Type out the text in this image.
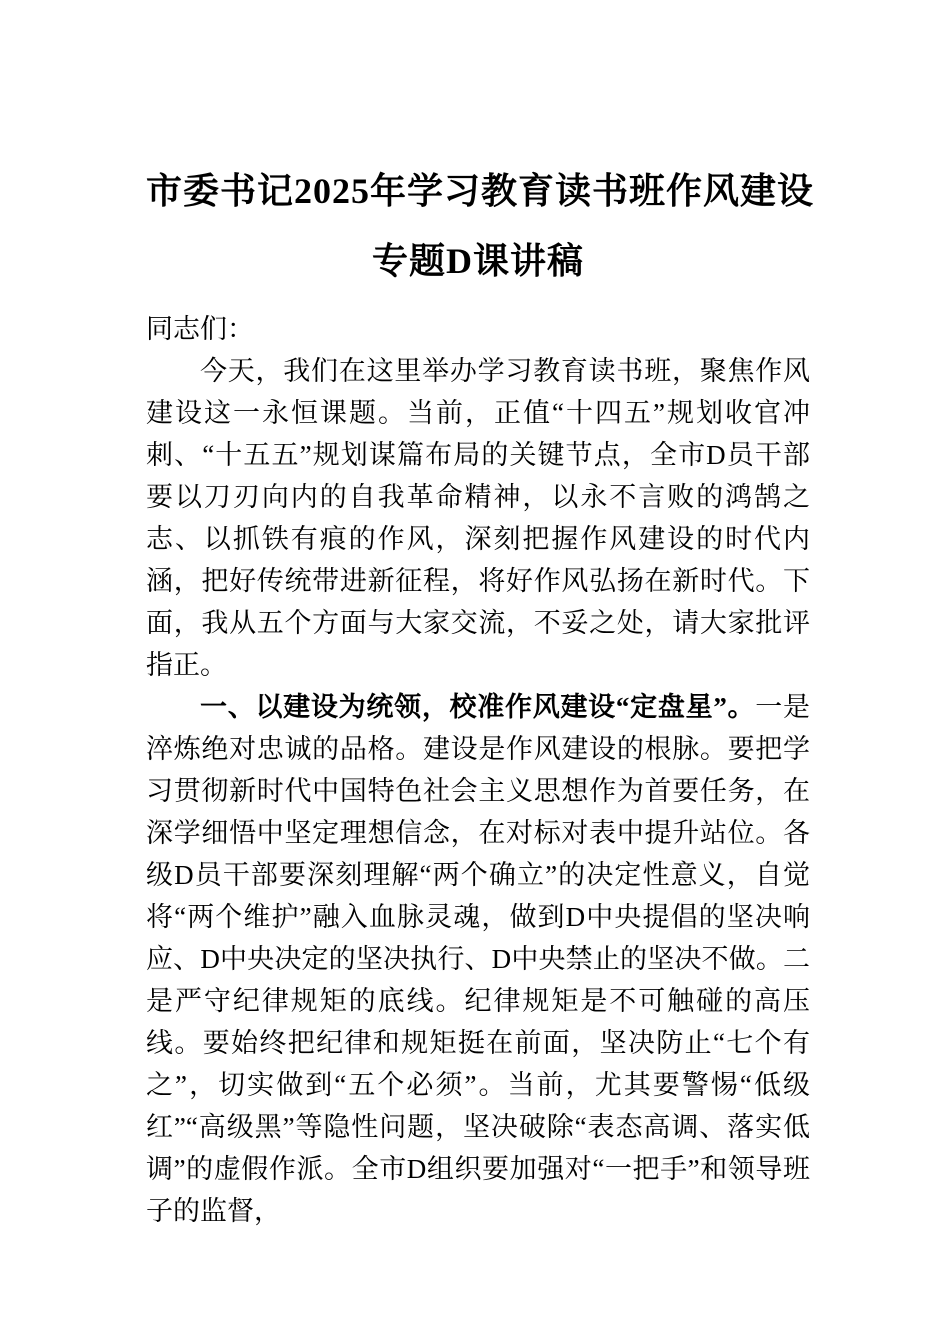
市委书记2025年学习教育读书班作风建设
专题D课讲稿

同志们：

今天，我们在这里举办学习教育读书班，聚焦作风建设这一永恒课题。当前，正值“十四五”规划收官冲刺、“十五五”规划谋篇布局的关键节点，全市D员干部要以刀刃向内的自我革命精神，以永不言败的鸿鹄之志、以抓铁有痕的作风，深刻把握作风建设的时代内涵，把好传统带进新征程，将好作风弘扬在新时代。下面，我从五个方面与大家交流，不妥之处，请大家批评指正。

一、以建设为统领，校准作风建设“定盘星”。一是淬炼绝对忠诚的品格。建设是作风建设的根脉。要把学习贯彻新时代中国特色社会主义思想作为首要任务，在深学细悟中坚定理想信念，在对标对表中提升站位。各级D员干部要深刻理解“两个确立”的决定性意义，自觉将“两个维护”融入血脉灵魂，做到D中央提倡的坚决响应、D中央决定的坚决执行、D中央禁止的坚决不做。二是严守纪律规矩的底线。纪律规矩是不可触碰的高压线。要始终把纪律和规矩挺在前面，坚决防止“七个有之”，切实做到“五个必须”。当前，尤其要警惕“低级红”“高级黑”等隐性问题，坚决破除“表态高调、落实低调”的虚假作派。全市D组织要加强对“一把手”和领导班子的监督，
